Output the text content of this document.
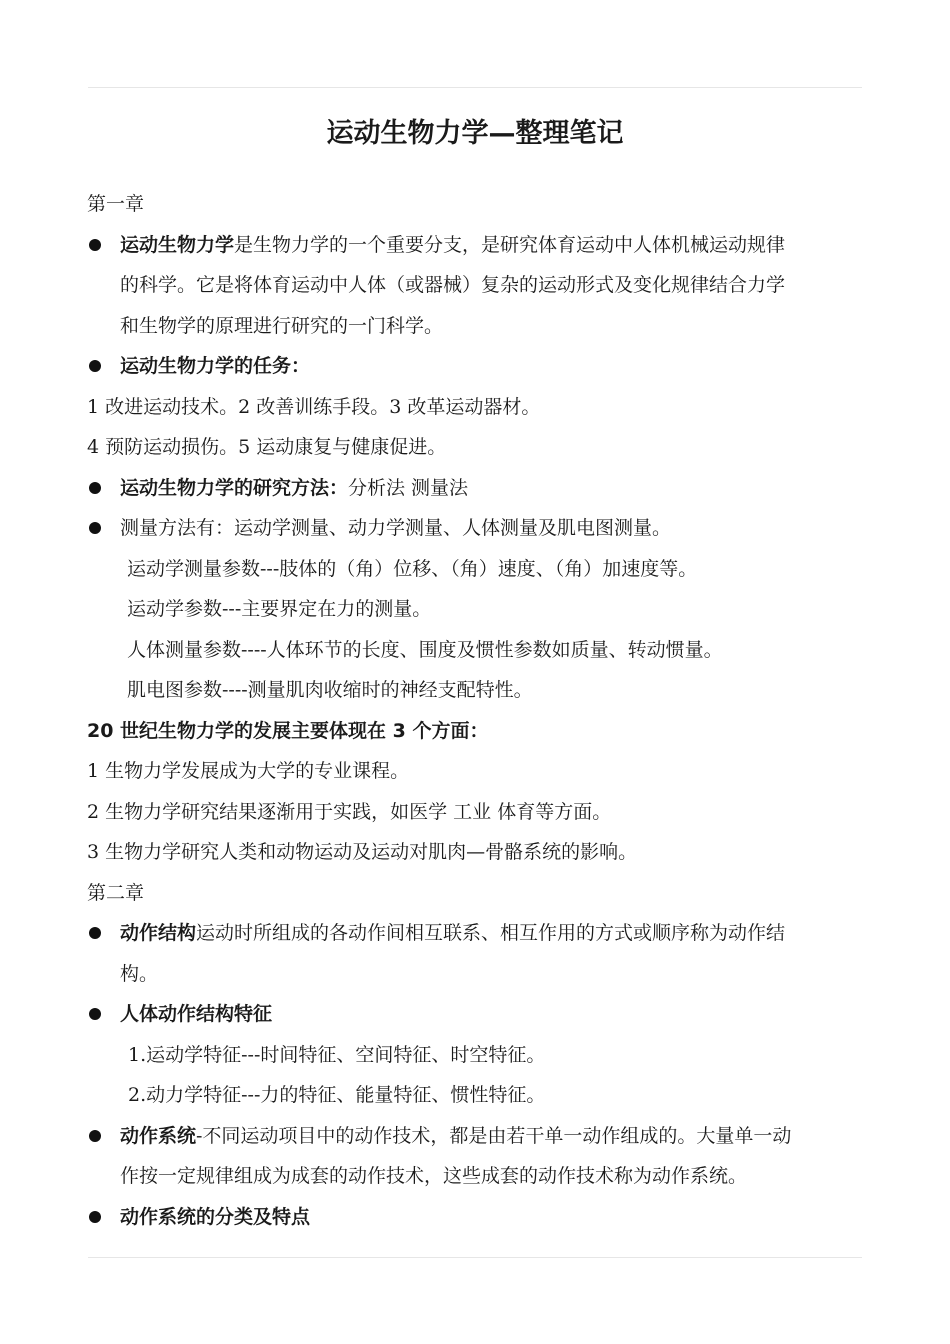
运动生物力学—整理笔记
第一章
运动生物力学是生物力学的一个重要分支，是研究体育运动中人体机械运动规律
的科学。它是将体育运动中人体（或器械）复杂的运动形式及变化规律结合力学
和生物学的原理进行研究的一门科学。
运动生物力学的任务：
1 改进运动技术。2 改善训练手段。3 改革运动器材。
4 预防运动损伤。5 运动康复与健康促进。
运动生物力学的研究方法：分析法 测量法
测量方法有：运动学测量、动力学测量、人体测量及肌电图测量。
运动学测量参数---肢体的（角）位移、（角）速度、（角）加速度等。
运动学参数---主要界定在力的测量。
人体测量参数----人体环节的长度、围度及惯性参数如质量、转动惯量。
肌电图参数----测量肌肉收缩时的神经支配特性。
20 世纪生物力学的发展主要体现在 3 个方面：
1 生物力学发展成为大学的专业课程。
2 生物力学研究结果逐渐用于实践，如医学 工业 体育等方面。
3 生物力学研究人类和动物运动及运动对肌肉—骨骼系统的影响。
第二章
动作结构运动时所组成的各动作间相互联系、相互作用的方式或顺序称为动作结
构。
人体动作结构特征
1.运动学特征---时间特征、空间特征、时空特征。
2.动力学特征---力的特征、能量特征、惯性特征。
动作系统-不同运动项目中的动作技术，都是由若干单一动作组成的。大量单一动
作按一定规律组成为成套的动作技术，这些成套的动作技术称为动作系统。
动作系统的分类及特点
